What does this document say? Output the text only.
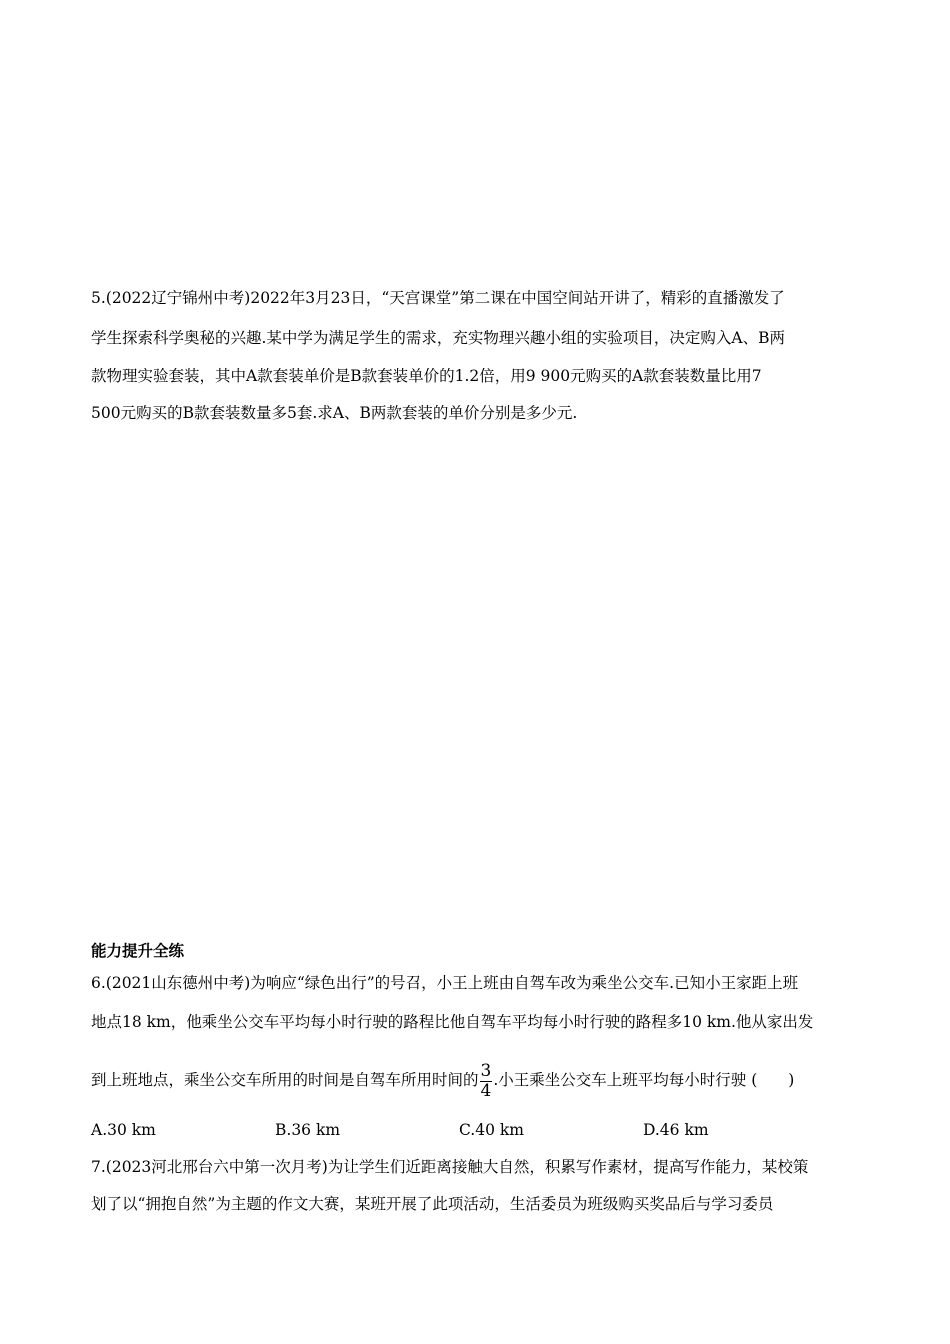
5.(2022辽宁锦州中考)2022年3月23日，“天宫课堂”第二课在中国空间站开讲了，精彩的直播激发了
学生探索科学奥秘的兴趣.某中学为满足学生的需求，充实物理兴趣小组的实验项目，决定购入A、B两
款物理实验套装，其中A款套装单价是B款套装单价的1.2倍，用9 900元购买的A款套装数量比用7
500元购买的B款套装数量多5套.求A、B两款套装的单价分别是多少元.
能力提升全练
6.(2021山东德州中考)为响应“绿色出行”的号召，小王上班由自驾车改为乘坐公交车.已知小王家距上班
地点18 km，他乘坐公交车平均每小时行驶的路程比他自驾车平均每小时行驶的路程多10 km.他从家出发
到上班地点，乘坐公交车所用的时间是自驾车所用时间的 $\frac{3}{4}$ .小王乘坐公交车上班平均每小时行驶 (　　)
A.30 km	B.36 km	C.40 km	D.46 km
7.(2023河北邢台六中第一次月考)为让学生们近距离接触大自然，积累写作素材，提高写作能力，某校策
划了以“拥抱自然”为主题的作文大赛，某班开展了此项活动，生活委员为班级购买奖品后与学习委员
